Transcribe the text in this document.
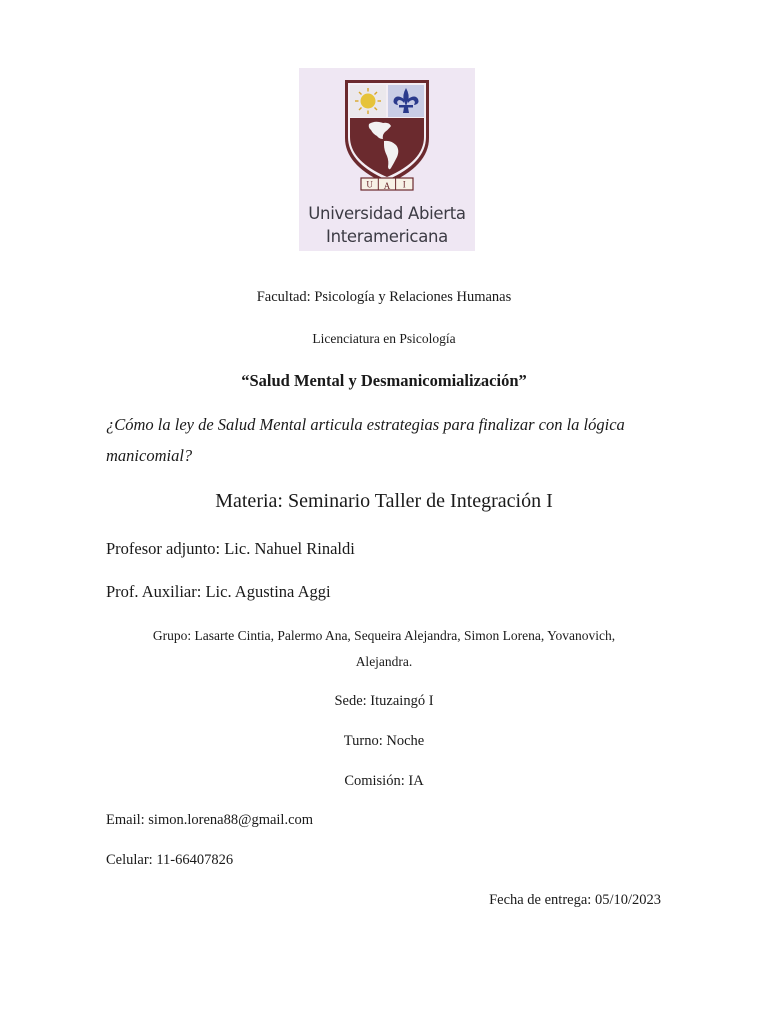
U A I
Universidad Abierta
Interamericana
Facultad: Psicología y Relaciones Humanas
Licenciatura en Psicología
“Salud Mental y Desmanicomialización”
¿Cómo la ley de Salud Mental articula estrategias para finalizar con la lógica
manicomial?
Materia: Seminario Taller de Integración I
Profesor adjunto: Lic. Nahuel Rinaldi
Prof. Auxiliar: Lic. Agustina Aggi
Grupo: Lasarte Cintia, Palermo Ana, Sequeira Alejandra, Simon Lorena, Yovanovich,
Alejandra.
Sede: Ituzaingó I
Turno: Noche
Comisión: IA
Email: simon.lorena88@gmail.com
Celular: 11-66407826
Fecha de entrega: 05/10/2023
